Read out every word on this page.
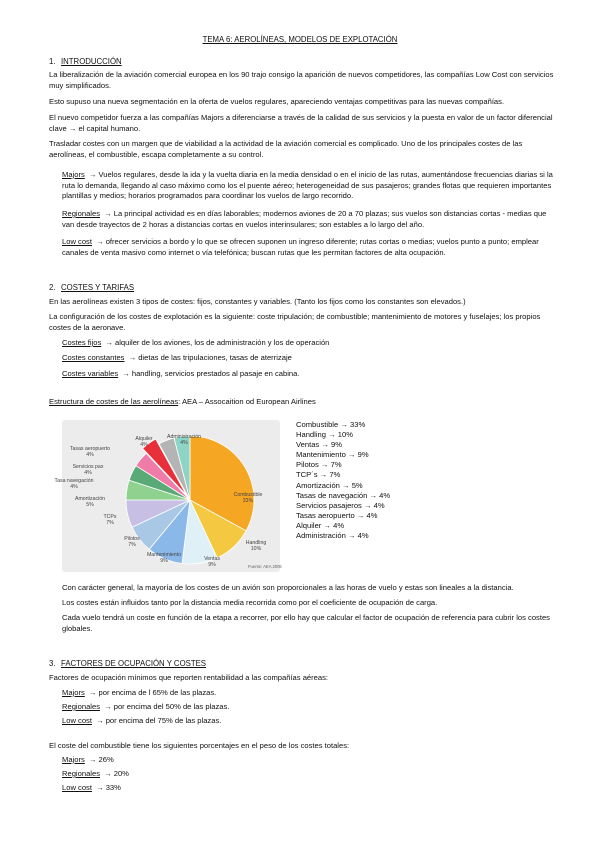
TEMA 6: AEROLÍNEAS, MODELOS DE EXPLOTACIÓN
1. INTRODUCCIÓN

La liberalización de la aviación comercial europea en los 90 trajo consigo la aparición de nuevos competidores, las compañías Low Cost con servicios muy simplificados.

Esto supuso una nueva segmentación en la oferta de vuelos regulares, apareciendo ventajas competitivas para las nuevas compañías.

El nuevo competidor fuerza a las compañías Majors a diferenciarse a través de la calidad de sus servicios y la puesta en valor de un factor diferencial clave → el capital humano.

Trasladar costes con un margen que de viabilidad a la actividad de la aviación comercial es complicado. Uno de los principales costes de las aerolíneas, el combustible, escapa completamente a su control.

Majors → Vuelos regulares, desde la ida y la vuelta diaria en la media densidad o en el inicio de las rutas, aumentándose frecuencias diarias si la ruta lo demanda, llegando al caso máximo como los el puente aéreo; heterogeneidad de sus pasajeros; grandes flotas que requieren importantes plantillas y medios; horarios programados para coordinar los vuelos de largo recorrido.

Regionales → La principal actividad es en días laborables; modernos aviones de 20 a 70 plazas; sus vuelos son distancias cortas - medias que van desde trayectos de 2 horas a distancias cortas en vuelos interinsulares; son estables a lo largo del año.

Low cost → ofrecer servicios a bordo y lo que se ofrecen suponen un ingreso diferente; rutas cortas o medias; vuelos punto a punto; emplear canales de venta masivo como internet o vía telefónica; buscan rutas que les permitan factores de alta ocupación.

2. COSTES Y TARIFAS

En las aerolíneas existen 3 tipos de costes: fijos, constantes y variables. (Tanto los fijos como los constantes son elevados.)

La configuración de los costes de explotación es la siguiente: coste tripulación; de combustible; mantenimiento de motores y fuselajes; los propios costes de la aeronave.

Costes fijos → alquiler de los aviones, los de administración y los de operación

Costes constantes → dietas de las tripulaciones, tasas de aterrizaje

Costes variables → handling, servicios prestados al pasaje en cabina.

Estructura de costes de las aerolíneas: AEA – Assocaition od European Airlines

Combustible
33%
Handling
10%
Ventas
9%
Mantenimiento
9%
Pilotos
7%
TCPs
7%
Amortización
5%
Tasa navegación
4%
Servicios pax
4%
Tasas aeropuerto
4%
Alquiler
4%
Administración
4%
Fuente: AEA 2006
Combustible → 33%
Handling → 10%
Ventas → 9%
Mantenimiento → 9%
Pilotos → 7%
TCP´s → 7%
Amortización → 5%
Tasas de navegación → 4%
Servicios pasajeros → 4%
Tasas aeropuerto → 4%
Alquiler → 4%
Administración → 4%

Con carácter general, la mayoría de los costes de un avión son proporcionales a las horas de vuelo y estas son lineales a la distancia.

Los costes están influidos tanto por la distancia media recorrida como por el coeficiente de ocupación de carga.

Cada vuelo tendrá un coste en función de la etapa a recorrer, por ello hay que calcular el factor de ocupación de referencia para cubrir los costes globales.

3. FACTORES DE OCUPACIÓN Y COSTES

Factores de ocupación mínimos que reporten rentabilidad a las compañías aéreas:

Majors → por encima de l 65% de las plazas.

Regionales → por encima del 50% de las plazas.

Low cost → por encima del 75% de las plazas.

El coste del combustible tiene los siguientes porcentajes en el peso de los costes totales:

Majors → 26%

Regionales → 20%

Low cost → 33%
